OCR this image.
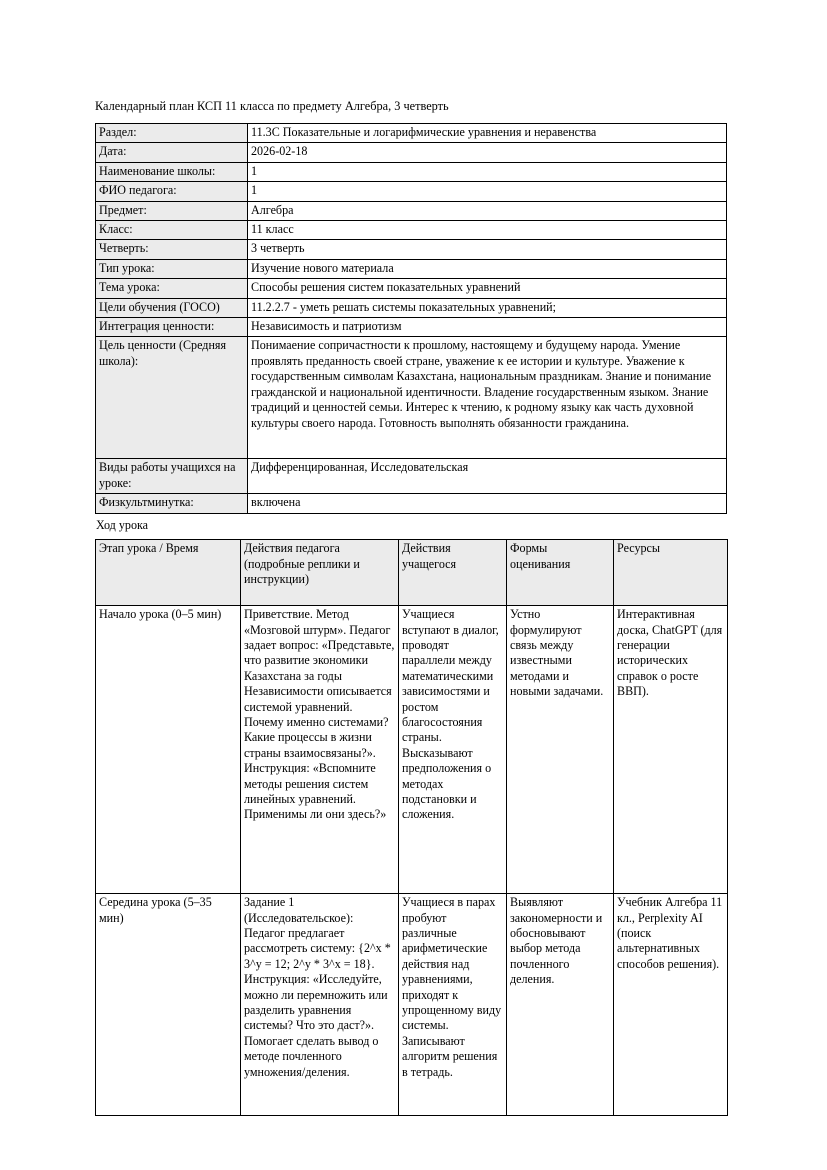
Календарный план КСП 11 класса по предмету Алгебра, 3 четверть
Раздел:	11.3C Показательные и логарифмические уравнения и неравенства
Дата:	2026-02-18
Наименование школы:	1
ФИО педагога:	1
Предмет:	Алгебра
Класс:	11 класс
Четверть:	3 четверть
Тип урока:	Изучение нового материала
Тема урока:	Способы решения систем показательных уравнений
Цели обучения (ГОСО)	11.2.2.7 - уметь решать системы показательных уравнений;
Интеграция ценности:	Независимость и патриотизм
Цель ценности (Средняя школа):	Понимаение сопричастности к прошлому, настоящему и будущему народа. Умение проявлять преданность своей стране, уважение к ее истории и культуре. Уважение к государственным символам Казахстана, национальным праздникам. Знание и понимание гражданской и национальной идентичности. Владение государственным языком. Знание традиций и ценностей семьи. Интерес к чтению, к родному языку как часть духовной культуры своего народа. Готовность выполнять обязанности гражданина.
Виды работы учащихся на уроке:	Дифференцированная, Исследовательская
Физкультминутка:	включена
Ход урока
Этап урока / Время	Действия педагога (подробные реплики и инструкции)	Действия учащегося	Формы оценивания	Ресурсы
Начало урока (0–5 мин)	Приветствие. Метод «Мозговой штурм». Педагог задает вопрос: «Представьте, что развитие экономики Казахстана за годы Независимости описывается системой уравнений. Почему именно системами? Какие процессы в жизни страны взаимосвязаны?». Инструкция: «Вспомните методы решения систем линейных уравнений. Применимы ли они здесь?»	Учащиеся вступают в диалог, проводят параллели между математическими зависимостями и ростом благосостояния страны. Высказывают предположения о методах подстановки и сложения.	Устно формулируют связь между известными методами и новыми задачами.	Интерактивная доска, ChatGPT (для генерации исторических справок о росте ВВП).
Середина урока (5–35 мин)	Задание 1 (Исследовательское): Педагог предлагает рассмотреть систему: {2^x * 3^y = 12; 2^y * 3^x = 18}. Инструкция: «Исследуйте, можно ли перемножить или разделить уравнения системы? Что это даст?». Помогает сделать вывод о методе почленного умножения/деления.	Учащиеся в парах пробуют различные арифметические действия над уравнениями, приходят к упрощенному виду системы. Записывают алгоритм решения в тетрадь.	Выявляют закономерности и обосновывают выбор метода почленного деления.	Учебник Алгебра 11 кл., Perplexity AI (поиск альтернативных способов решения).
